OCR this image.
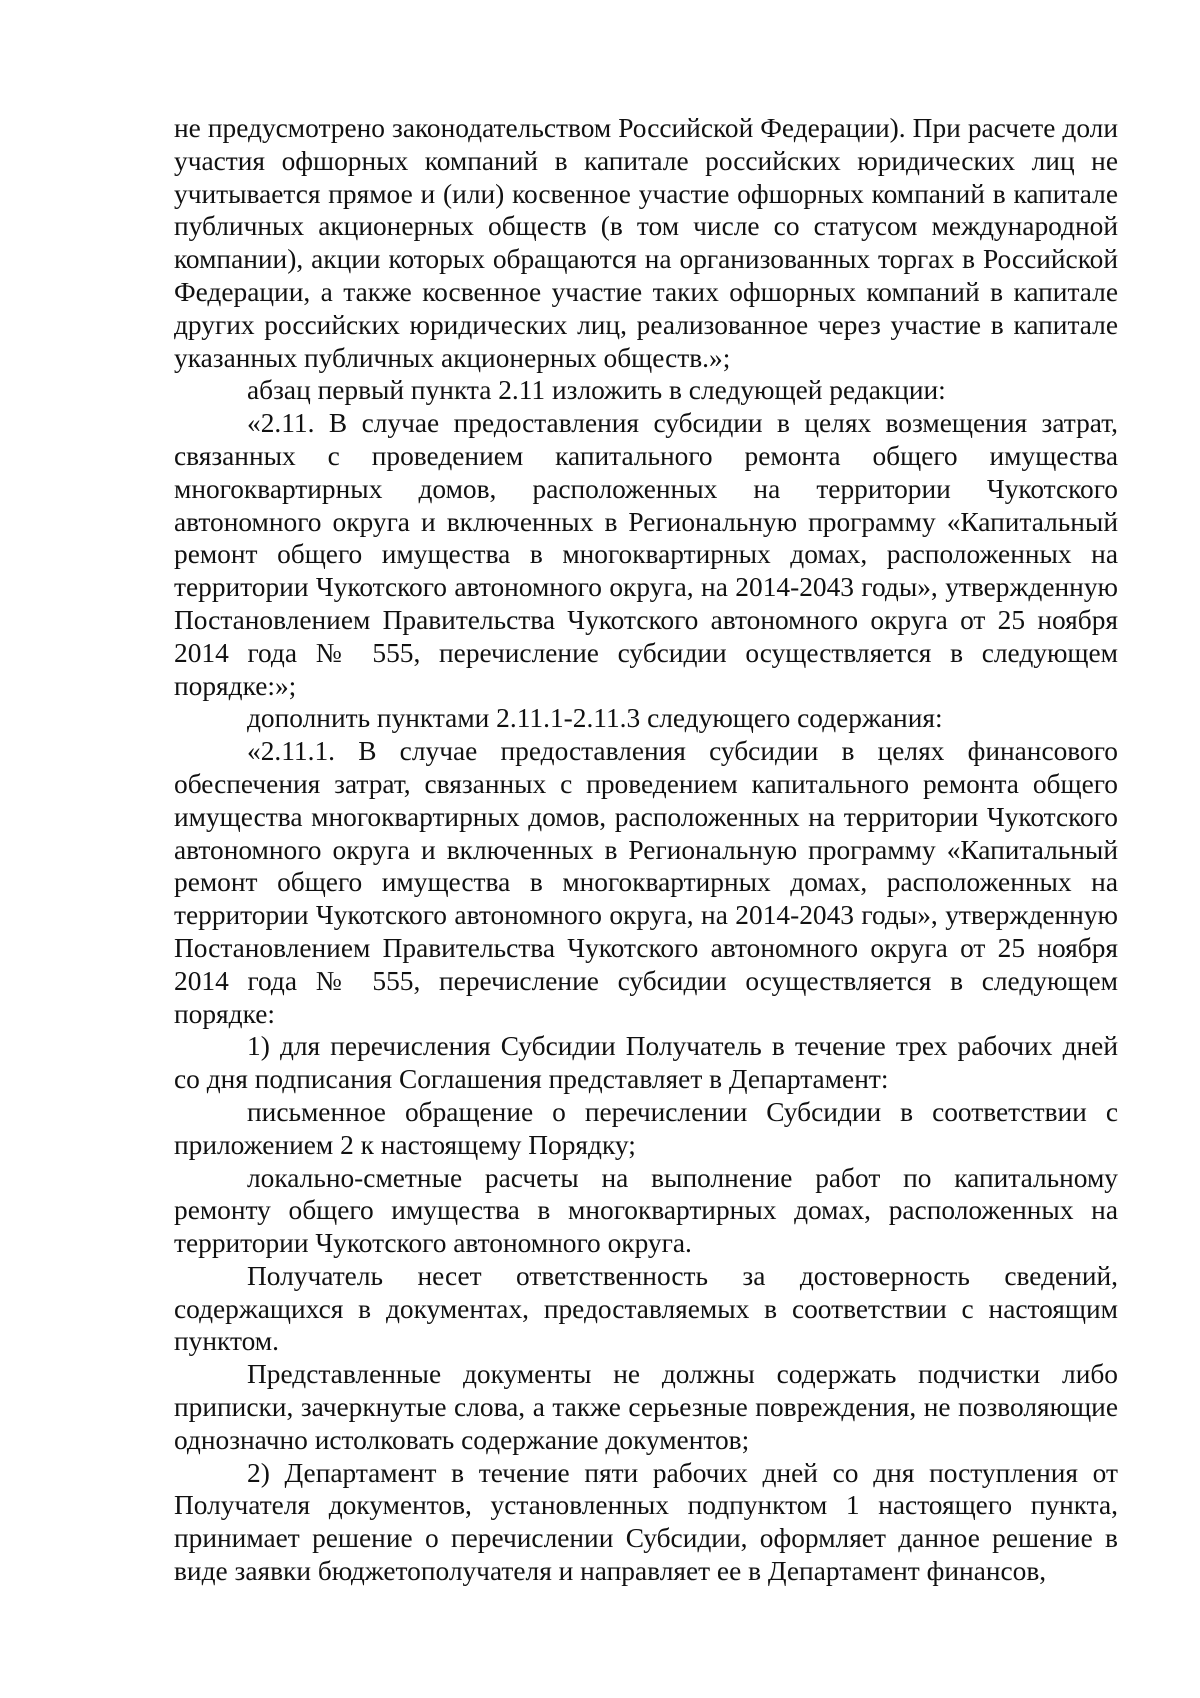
не предусмотрено законодательством Российской Федерации). При расчете доли участия офшорных компаний в капитале российских юридических лиц не учитывается прямое и (или) косвенное участие офшорных компаний в капитале публичных акционерных обществ (в том числе со статусом международной компании), акции которых обращаются на организованных торгах в Российской Федерации, а также косвенное участие таких офшорных компаний в капитале других российских юридических лиц, реализованное через участие в капитале указанных публичных акционерных обществ.»;

абзац первый пункта 2.11 изложить в следующей редакции:

«2.11. В случае предоставления субсидии в целях возмещения затрат, связанных с проведением капитального ремонта общего имущества многоквартирных домов, расположенных на территории Чукотского автономного округа и включенных в Региональную программу «Капитальный ремонт общего имущества в многоквартирных домах, расположенных на территории Чукотского автономного округа, на 2014-2043 годы», утвержденную Постановлением Правительства Чукотского автономного округа от 25 ноября 2014 года № 555, перечисление субсидии осуществляется в следующем порядке:»;

дополнить пунктами 2.11.1-2.11.3 следующего содержания:

«2.11.1. В случае предоставления субсидии в целях финансового обеспечения затрат, связанных с проведением капитального ремонта общего имущества многоквартирных домов, расположенных на территории Чукотского автономного округа и включенных в Региональную программу «Капитальный ремонт общего имущества в многоквартирных домах, расположенных на территории Чукотского автономного округа, на 2014-2043 годы», утвержденную Постановлением Правительства Чукотского автономного округа от 25 ноября 2014 года № 555, перечисление субсидии осуществляется в следующем порядке:

1) для перечисления Субсидии Получатель в течение трех рабочих дней со дня подписания Соглашения представляет в Департамент:

письменное обращение о перечислении Субсидии в соответствии с приложением 2 к настоящему Порядку;

локально-сметные расчеты на выполнение работ по капитальному ремонту общего имущества в многоквартирных домах, расположенных на территории Чукотского автономного округа.

Получатель несет ответственность за достоверность сведений, содержащихся в документах, предоставляемых в соответствии с настоящим пунктом.

Представленные документы не должны содержать подчистки либо приписки, зачеркнутые слова, а также серьезные повреждения, не позволяющие однозначно истолковать содержание документов;

2) Департамент в течение пяти рабочих дней со дня поступления от Получателя документов, установленных подпунктом 1 настоящего пункта, принимает решение о перечислении Субсидии, оформляет данное решение в виде заявки бюджетополучателя и направляет ее в Департамент финансов,
